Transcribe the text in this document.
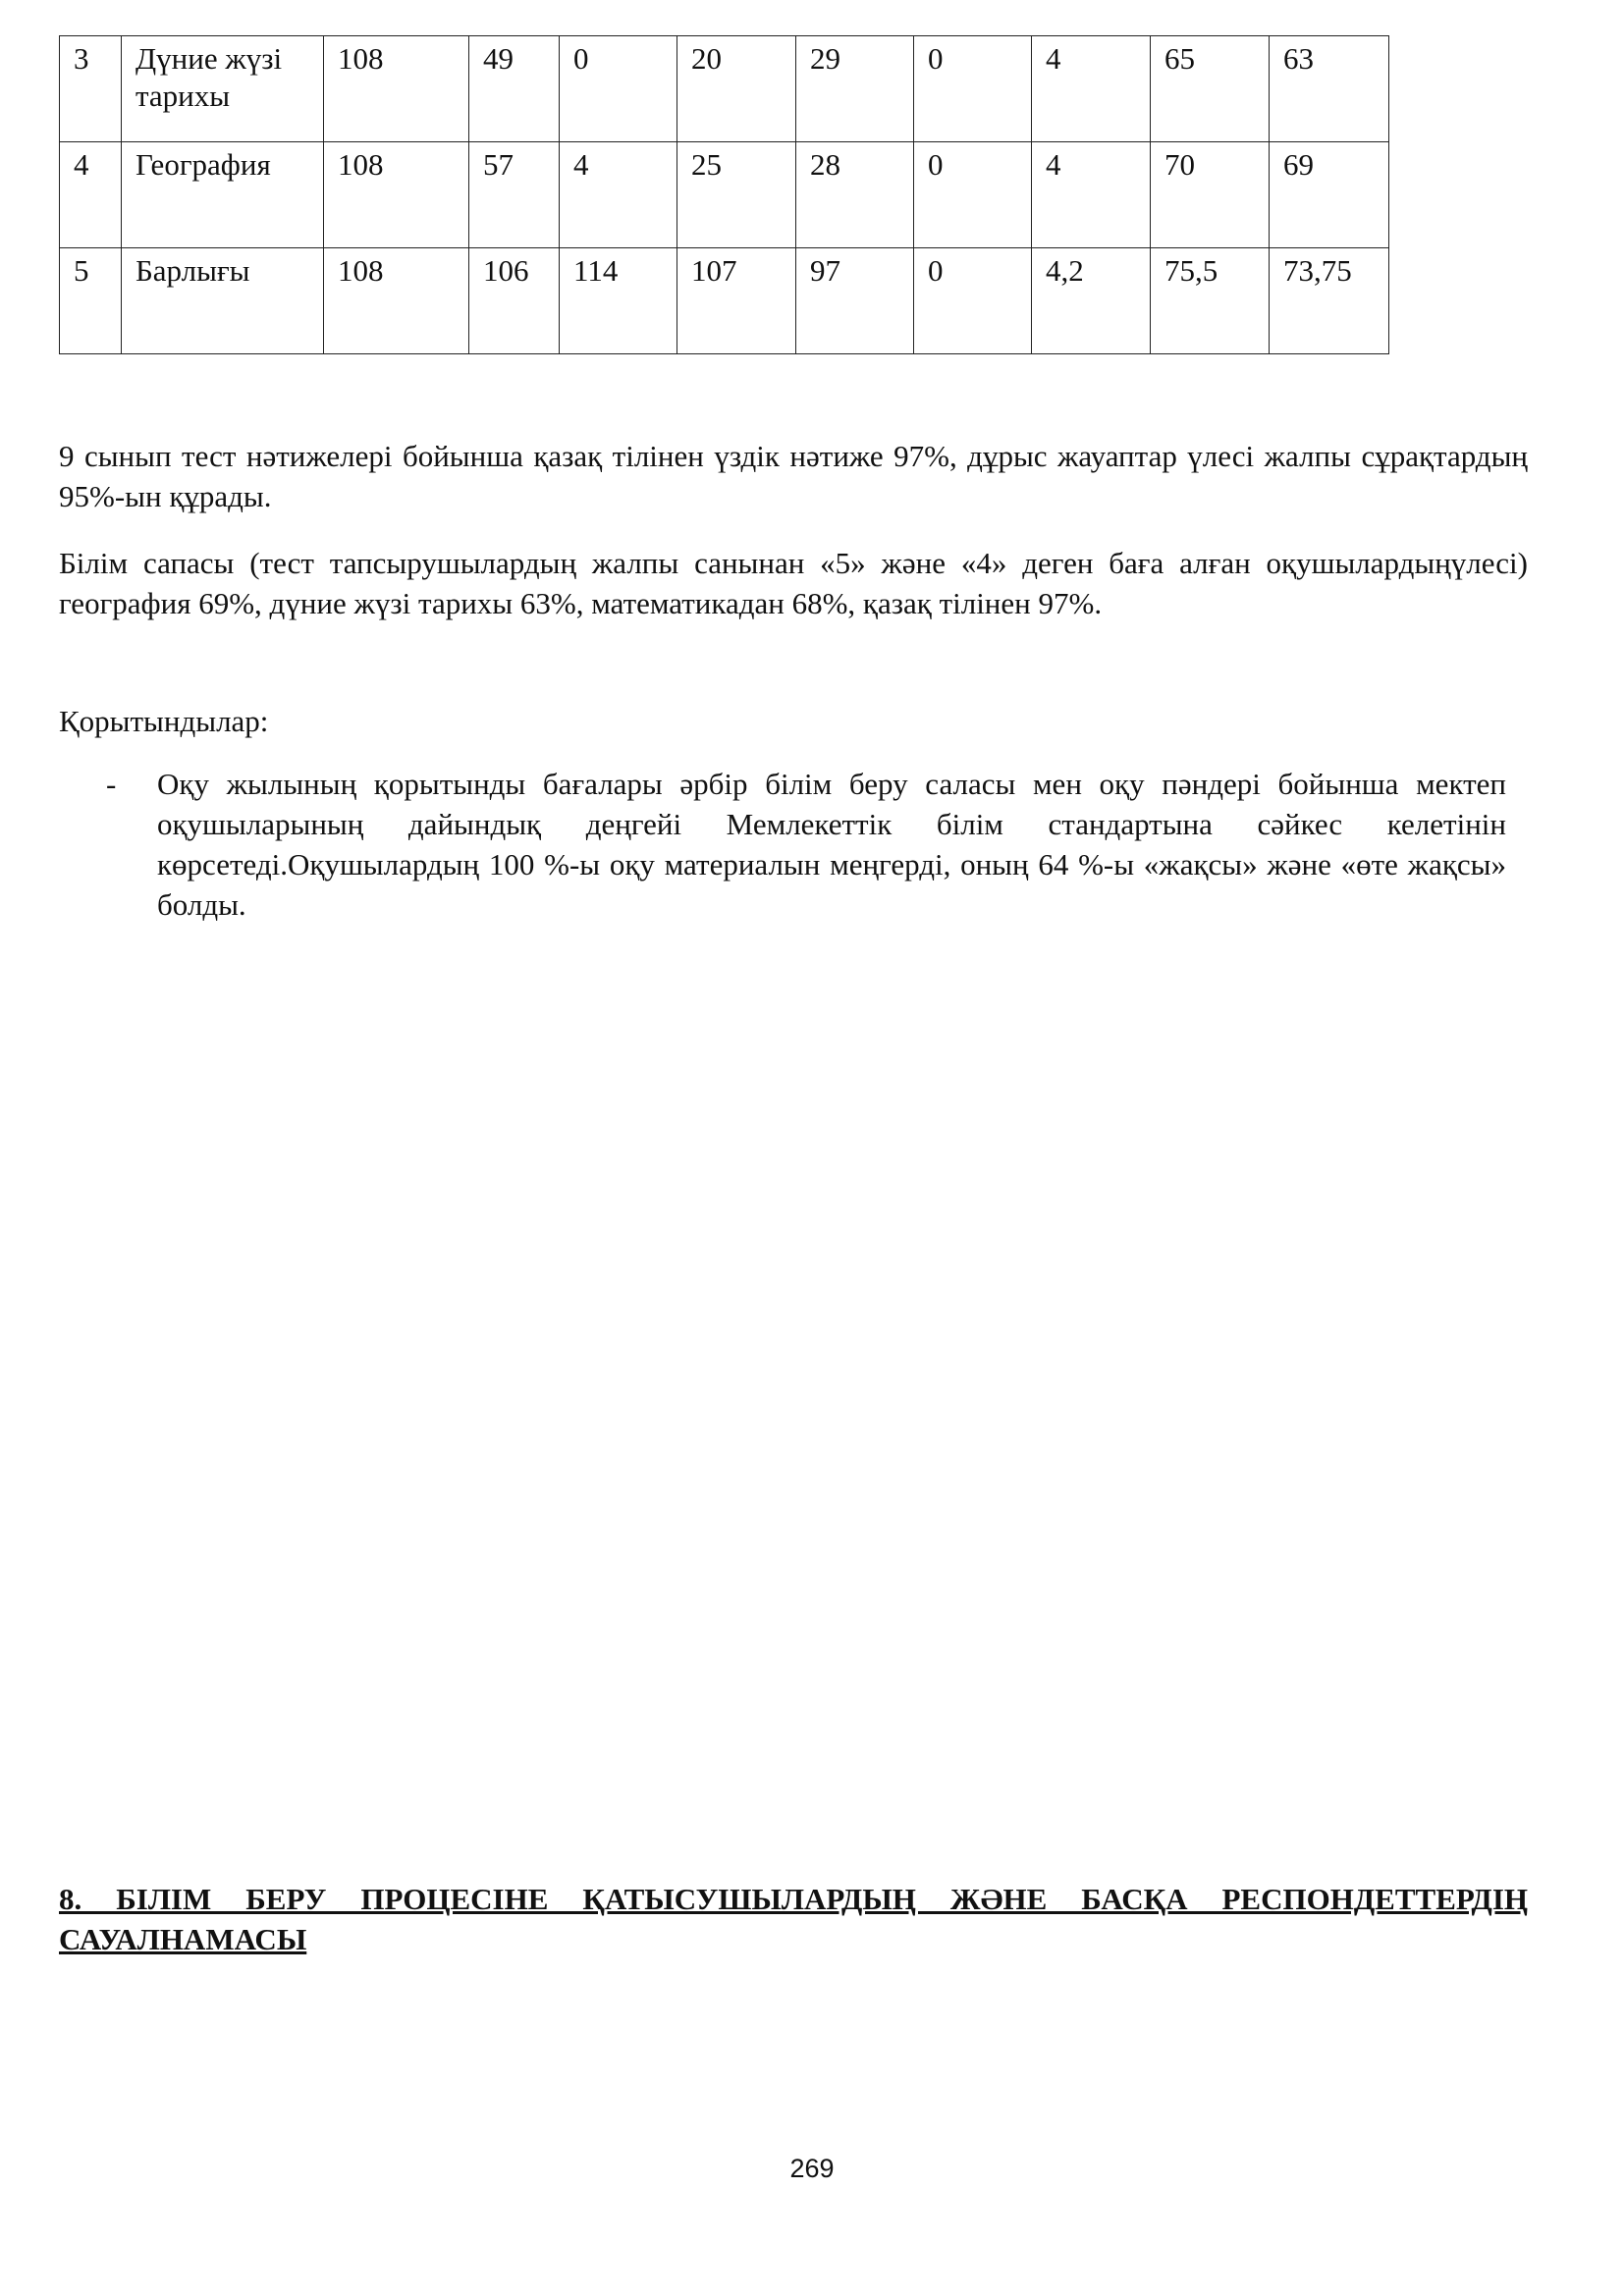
3	Дүние жүзі тарихы	108	49	0	20	29	0	4	65	63
4	География	108	57	4	25	28	0	4	70	69
5	Барлығы	108	106	114	107	97	0	4,2	75,5	73,75

9 сынып тест нәтижелері бойынша қазақ тілінен үздік нәтиже 97%, дұрыс жауаптар үлесі жалпы сұрақтардың 95%-ын құрады.

Білім сапасы (тест тапсырушылардың жалпы санынан «5» және «4» деген баға алған оқушылардыңүлесі) география 69%, дүние жүзі тарихы 63%, математикадан 68%, қазақ тілінен 97%.

Қорытындылар:

- Оқу жылының қорытынды бағалары әрбір білім беру саласы мен оқу пәндері бойынша мектеп оқушыларының дайындық деңгейі Мемлекеттік білім стандартына сәйкес келетінін көрсетеді.Оқушылардың 100 %-ы оқу материалын меңгерді, оның 64 %-ы «жақсы» және «өте жақсы» болды.

8. БІЛІМ БЕРУ ПРОЦЕСІНЕ ҚАТЫСУШЫЛАРДЫҢ ЖӘНЕ БАСҚА РЕСПОНДЕТТЕРДІҢ САУАЛНАМАСЫ

269
